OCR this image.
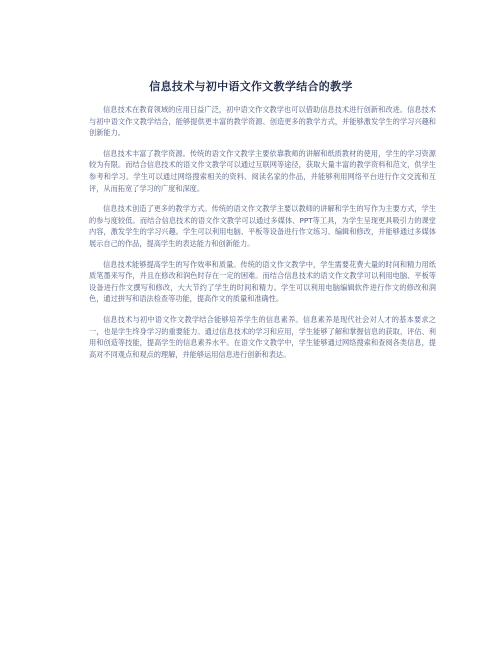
信息技术与初中语文作文教学结合的教学

信息技术在教育领域的应用日益广泛，初中语文作文教学也可以借助信息技术进行创新和改进。信息技术与初中语文作文教学结合，能够提供更丰富的教学资源、创造更多的教学方式，并能够激发学生的学习兴趣和创新能力。

信息技术丰富了教学资源。传统的语文作文教学主要依靠教师的讲解和纸质教材的使用，学生的学习资源较为有限。而结合信息技术的语文作文教学可以通过互联网等途径，获取大量丰富的教学资料和范文，供学生参考和学习。学生可以通过网络搜索相关的资料、阅读名家的作品，并能够利用网络平台进行作文交流和互评，从而拓宽了学习的广度和深度。

信息技术创造了更多的教学方式。传统的语文作文教学主要以教师的讲解和学生的写作为主要方式，学生的参与度较低。而结合信息技术的语文作文教学可以通过多媒体、PPT等工具，为学生呈现更具吸引力的课堂内容，激发学生的学习兴趣。学生可以利用电脑、平板等设备进行作文练习、编辑和修改，并能够通过多媒体展示自己的作品，提高学生的表达能力和创新能力。

信息技术能够提高学生的写作效率和质量。传统的语文作文教学中，学生需要花费大量的时间和精力用纸质笔墨来写作，并且在修改和润色时存在一定的困难。而结合信息技术的语文作文教学可以利用电脑、平板等设备进行作文撰写和修改，大大节约了学生的时间和精力。学生可以利用电脑编辑软件进行作文的修改和润色，通过拼写和语法检查等功能，提高作文的质量和准确性。

信息技术与初中语文作文教学结合能够培养学生的信息素养。信息素养是现代社会对人才的基本要求之一，也是学生终身学习的重要能力。通过信息技术的学习和应用，学生能够了解和掌握信息的获取、评估、利用和创造等技能，提高学生的信息素养水平。在语文作文教学中，学生能够通过网络搜索和查阅各类信息，提高对不同观点和观点的理解，并能够运用信息进行创新和表达。
